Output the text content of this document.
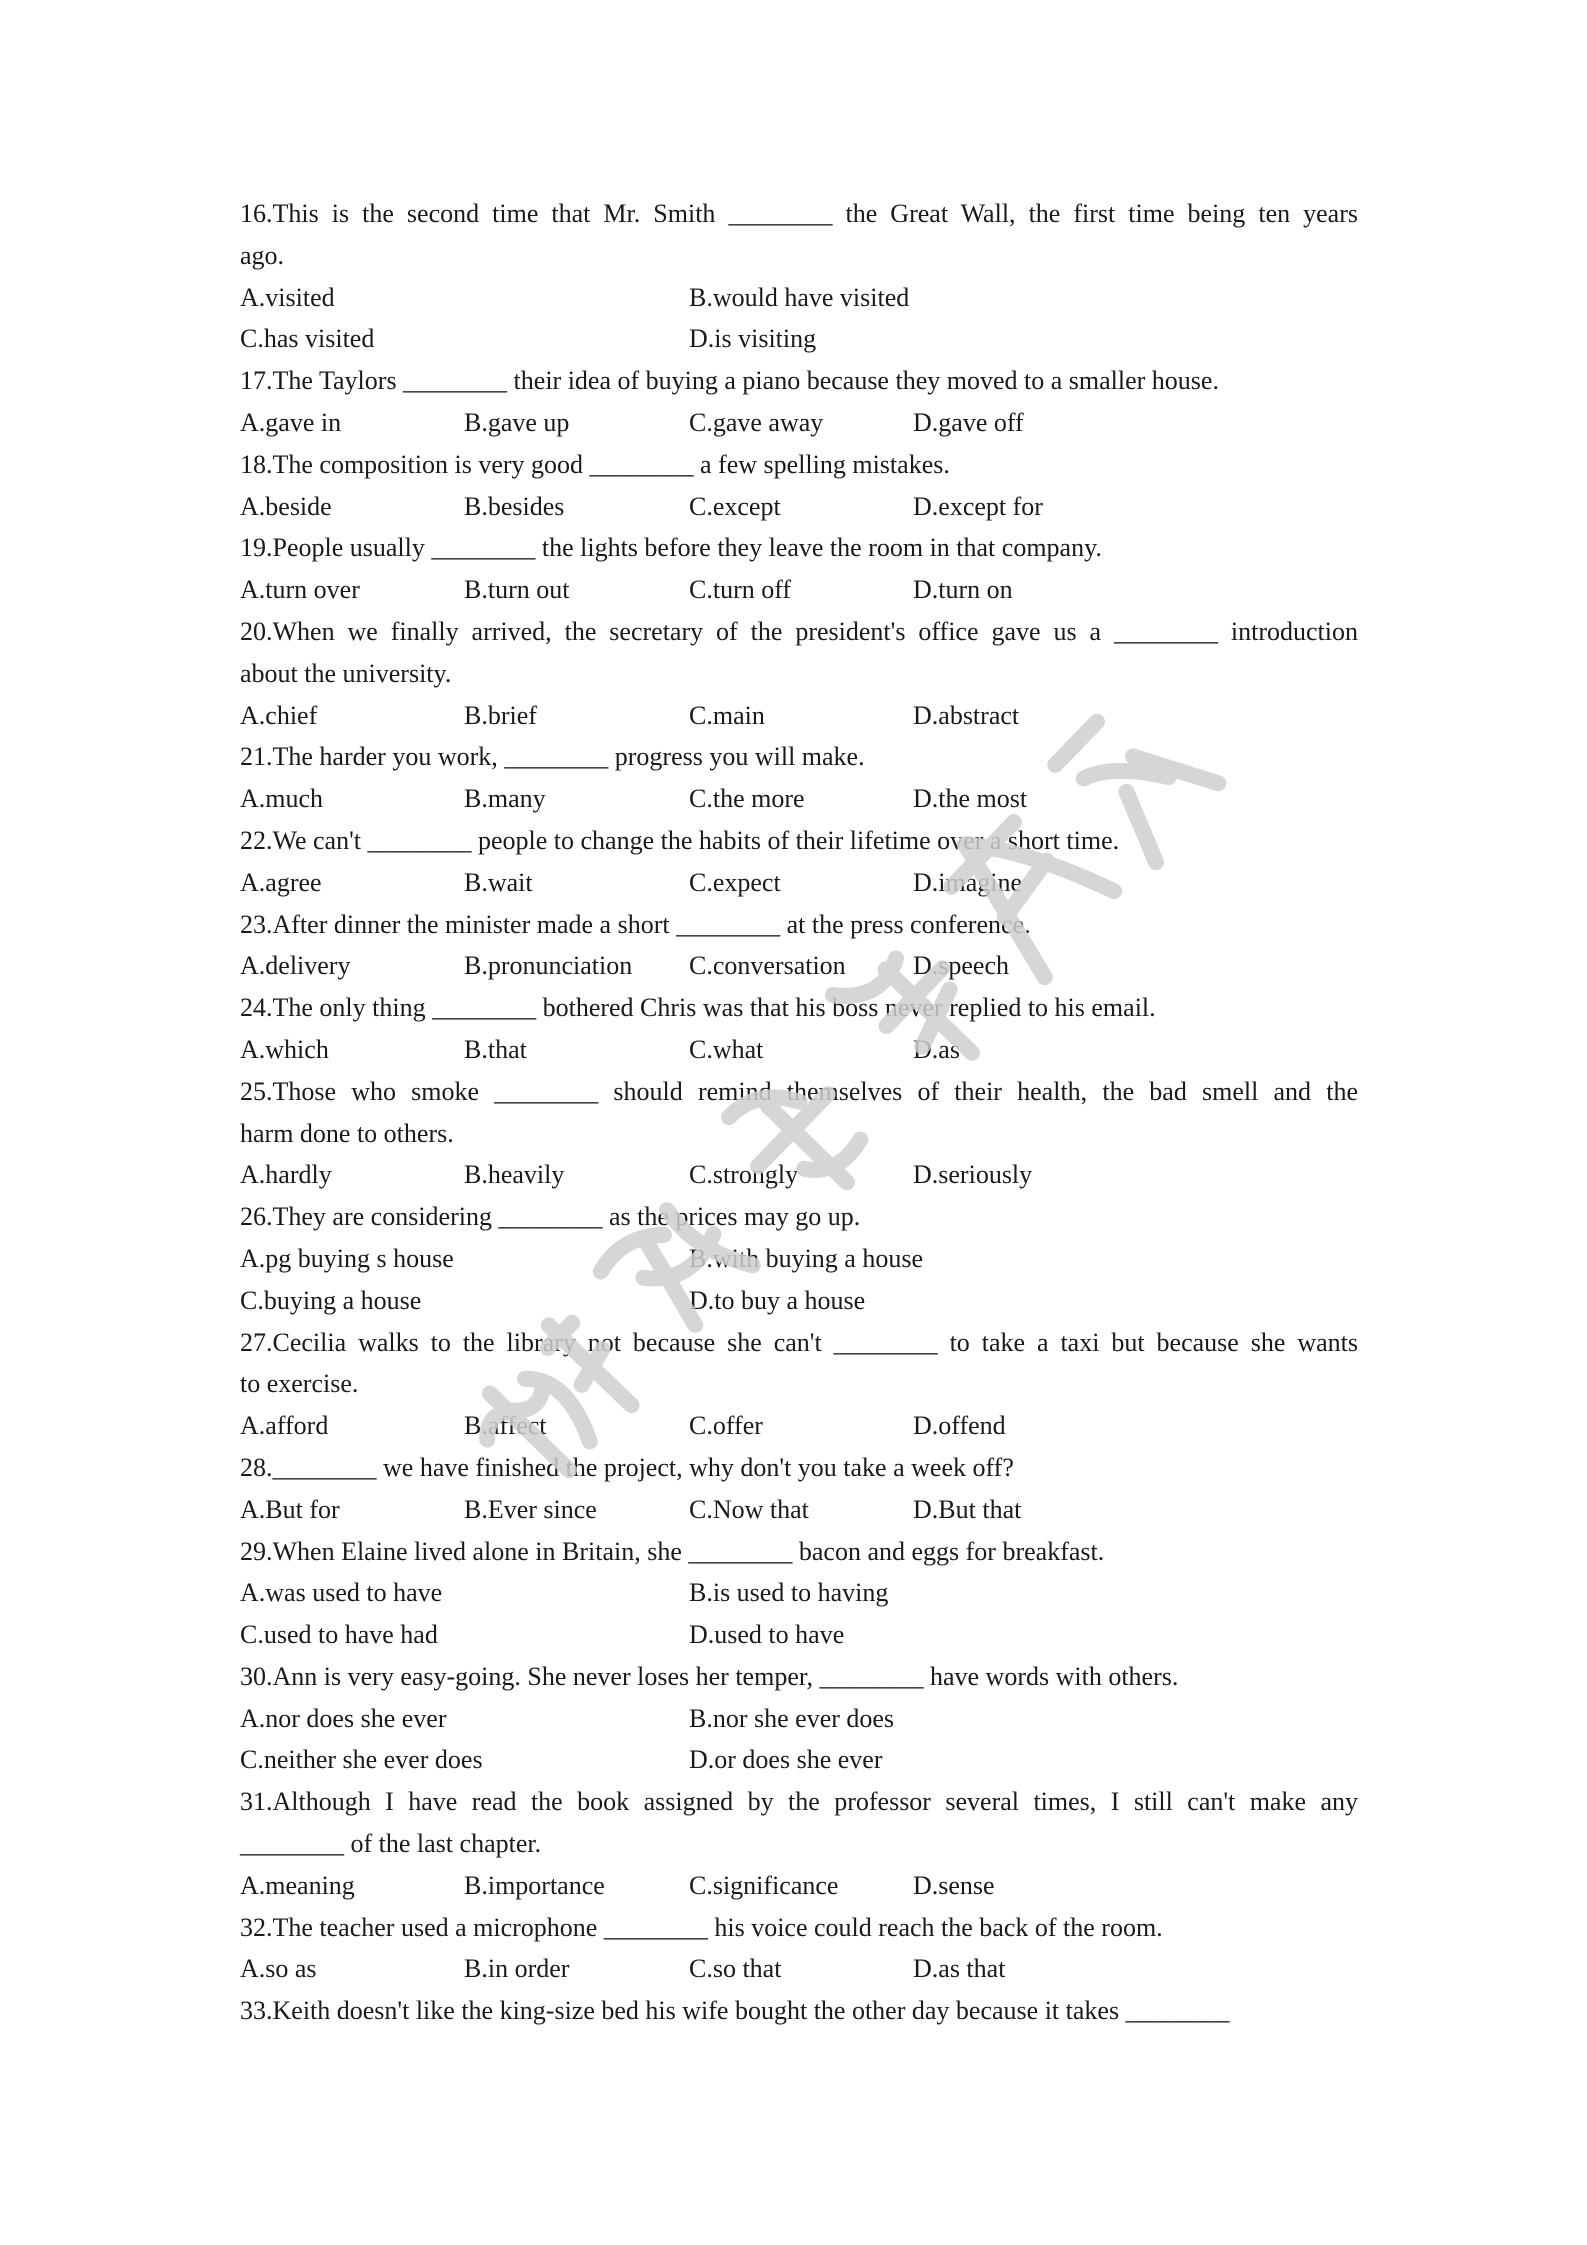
16.This is the second time that Mr. Smith ________ the Great Wall, the first time being ten years
ago.
A.visited	B.would have visited
C.has visited	D.is visiting
17.The Taylors ________ their idea of buying a piano because they moved to a smaller house.
A.gave in	B.gave up	C.gave away	D.gave off
18.The composition is very good ________ a few spelling mistakes.
A.beside	B.besides	C.except	D.except for
19.People usually ________ the lights before they leave the room in that company.
A.turn over	B.turn out	C.turn off	D.turn on
20.When we finally arrived, the secretary of the president's office gave us a ________ introduction
about the university.
A.chief	B.brief	C.main	D.abstract
21.The harder you work, ________ progress you will make.
A.much	B.many	C.the more	D.the most
22.We can't ________ people to change the habits of their lifetime over a short time.
A.agree	B.wait	C.expect	D.imagine
23.After dinner the minister made a short ________ at the press conference.
A.delivery	B.pronunciation C.conversation	D.speech
24.The only thing ________ bothered Chris was that his boss never replied to his email.
A.which	B.that	C.what	D.as
25.Those who smoke ________ should remind themselves of their health, the bad smell and the
harm done to others.
A.hardly	B.heavily	C.strongly	D.seriously
26.They are considering ________ as the prices may go up.
A.pg buying s house	B.with buying a house
C.buying a house	D.to buy a house
27.Cecilia walks to the library not because she can't ________ to take a taxi but because she wants
to exercise.
A.afford	B.affect	C.offer	D.offend
28.________ we have finished the project, why don't you take a week off?
A.But for	B.Ever since	C.Now that	D.But that
29.When Elaine lived alone in Britain, she ________ bacon and eggs for breakfast.
A.was used to have	B.is used to having
C.used to have had	D.used to have
30.Ann is very easy-going. She never loses her temper, ________ have words with others.
A.nor does she ever	B.nor she ever does
C.neither she ever does	D.or does she ever
31.Although I have read the book assigned by the professor several times, I still can't make any
________ of the last chapter.
A.meaning	B.importance	C.significance	D.sense
32.The teacher used a microphone ________ his voice could reach the back of the room.
A.so as	B.in order	C.so that	D.as that
33.Keith doesn't like the king-size bed his wife bought the other day because it takes ________
